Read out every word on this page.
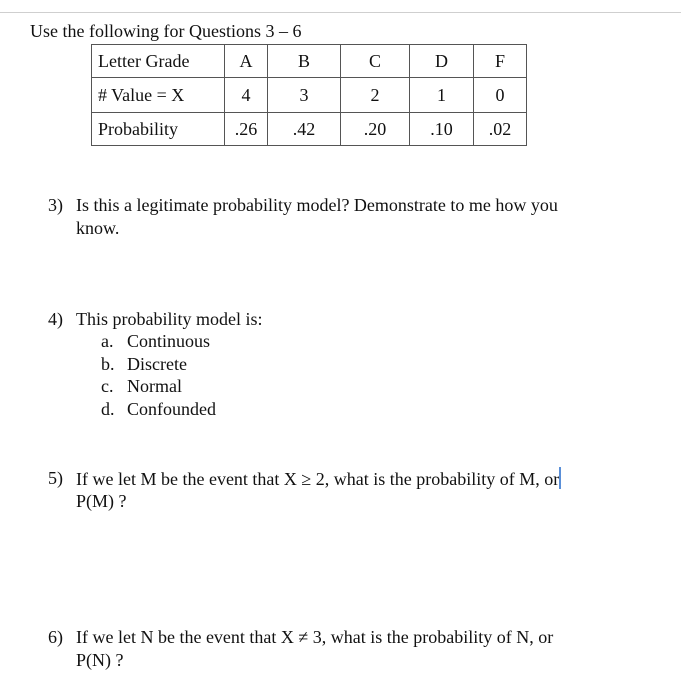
Use the following for Questions 3 – 6
Letter Grade	A	B	C	D	F
# Value = X	4	3	2	1	0
Probability	.26	.42	.20	.10	.02
3) Is this a legitimate probability model? Demonstrate to me how you
know.
4) This probability model is:
a. Continuous
b. Discrete
c. Normal
d. Confounded
5) If we let M be the event that X ≥ 2, what is the probability of M, or
P(M) ?
6) If we let N be the event that X ≠ 3, what is the probability of N, or
P(N) ?
